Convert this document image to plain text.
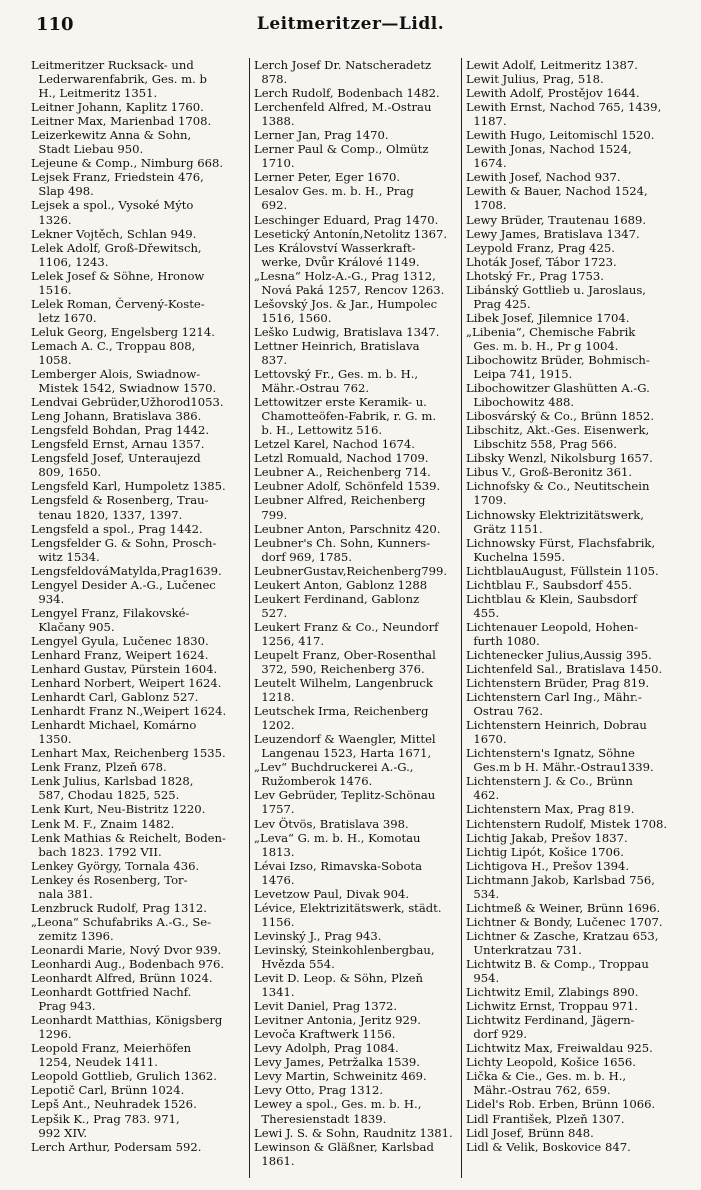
110	Leitmeritzer—Lidl.
Leitmeritzer Rucksack- und
Lederwarenfabrik, Ges. m. b
H., Leitmeritz 1351.
Leitner Johann, Kaplitz 1760.
Leitner Max, Marienbad 1708.
Leizerkewitz Anna & Sohn,
Stadt Liebau 950.
Lejeune & Comp., Nimburg 668.
Lejsek Franz, Friedstein 476,
Slap 498.
Lejsek a spol., Vysoké Mýto
1326.
Lekner Vojtěch, Schlan 949.
Lelek Adolf, Groß-Dřewitsch,
1106, 1243.
Lelek Josef & Söhne, Hronow
1516.
Lelek Roman, Červený-Koste-
letz 1670.
Leluk Georg, Engelsberg 1214.
Lemach A. C., Troppau 808,
1058.
Lemberger Alois, Swiadnow-
Mistek 1542, Swiadnow 1570.
Lendvai Gebrüder,Užhorod1053.
Leng Johann, Bratislava 386.
Lengsfeld Bohdan, Prag 1442.
Lengsfeld Ernst, Arnau 1357.
Lengsfeld Josef, Unteraujezd
809, 1650.
Lengsfeld Karl, Humpoletz 1385.
Lengsfeld & Rosenberg, Trau-
tenau 1820, 1337, 1397.
Lengsfeld a spol., Prag 1442.
Lengsfelder G. & Sohn, Prosch-
witz 1534.
LengsfeldováMatylda,Prag1639.
Lengyel Desider A.-G., Lučenec
934.
Lengyel Franz, Filakovské-
Klačany 905.
Lengyel Gyula, Lučenec 1830.
Lenhard Franz, Weipert 1624.
Lenhard Gustav, Pürstein 1604.
Lenhard Norbert, Weipert 1624.
Lenhardt Carl, Gablonz 527.
Lenhardt Franz N.,Weipert 1624.
Lenhardt Michael, Komárno
1350.
Lenhart Max, Reichenberg 1535.
Lenk Franz, Plzeň 678.
Lenk Julius, Karlsbad 1828,
587, Chodau 1825, 525.
Lenk Kurt, Neu-Bistritz 1220.
Lenk M. F., Znaim 1482.
Lenk Mathias & Reichelt, Boden-
bach 1823. 1792 VII.
Lenkey György, Tornala 436.
Lenkey és Rosenberg, Tor-
nala 381.
Lenzbruck Rudolf, Prag 1312.
„Leona“ Schufabriks A.-G., Se-
zemitz 1396.
Leonardi Marie, Nový Dvor 939.
Leonhardi Aug., Bodenbach 976.
Leonhardt Alfred, Brünn 1024.
Leonhardt Gottfried Nachf.
Prag 943.
Leonhardt Matthias, Königsberg
1296.
Leopold Franz, Meierhöfen
1254, Neudek 1411.
Leopold Gottlieb, Grulich 1362.
Lepotič Carl, Brünn 1024.
Lepš Ant., Neuhradek 1526.
Lepšik K., Prag 783. 971,
992 XIV.
Lerch Arthur, Podersam 592.
Lerch Josef Dr. Natscheradetz
878.
Lerch Rudolf, Bodenbach 1482.
Lerchenfeld Alfred, M.-Ostrau
1388.
Lerner Jan, Prag 1470.
Lerner Paul & Comp., Olmütz
1710.
Lerner Peter, Eger 1670.
Lesalov Ges. m. b. H., Prag
692.
Leschinger Eduard, Prag 1470.
Lesetický Antonín,Netolitz 1367.
Les Království Wasserkraft-
werke, Dvůr Králové 1149.
„Lesna“ Holz-A.-G., Prag 1312,
Nová Paká 1257, Rencov 1263.
Lešovský Jos. & Jar., Humpolec
1516, 1560.
Leško Ludwig, Bratislava 1347.
Lettner Heinrich, Bratislava
837.
Lettovský Fr., Ges. m. b. H.,
Mähr.-Ostrau 762.
Lettowitzer erste Keramik- u.
Chamotteöfen-Fabrik, r. G. m.
b. H., Lettowitz 516.
Letzel Karel, Nachod 1674.
Letzl Romuald, Nachod 1709.
Leubner A., Reichenberg 714.
Leubner Adolf, Schönfeld 1539.
Leubner Alfred, Reichenberg
799.
Leubner Anton, Parschnitz 420.
Leubner's Ch. Sohn, Kunners-
dorf 969, 1785.
LeubnerGustav,Reichenberg799.
Leukert Anton, Gablonz 1288
Leukert Ferdinand, Gablonz
527.
Leukert Franz & Co., Neundorf
1256, 417.
Leupelt Franz, Ober-Rosenthal
372, 590, Reichenberg 376.
Leutelt Wilhelm, Langenbruck
1218.
Leutschek Irma, Reichenberg
1202.
Leuzendorf & Waengler, Mittel
Langenau 1523, Harta 1671,
„Lev“ Buchdruckerei A.-G.,
Ružomberok 1476.
Lev Gebrüder, Teplitz-Schönau
1757.
Lev Ötvös, Bratislava 398.
„Leva“ G. m. b. H., Komotau
1813.
Lévai Izso, Rimavska-Sobota
1476.
Levetzow Paul, Divak 904.
Lévice, Elektrizitätswerk, städt.
1156.
Levinský J., Prag 943.
Levinský, Steinkohlenbergbau,
Hvězda 554.
Levit D. Leop. & Söhn, Plzeň
1341.
Levit Daniel, Prag 1372.
Levitner Antonia, Jeritz 929.
Levoča Kraftwerk 1156.
Levy Adolph, Prag 1084.
Levy James, Petržalka 1539.
Levy Martin, Schweinitz 469.
Levy Otto, Prag 1312.
Lewey a spol., Ges. m. b. H.,
Theresienstadt 1839.
Lewi J. S. & Sohn, Raudnitz 1381.
Lewinson & Gläßner, Karlsbad
1861.
Lewit Adolf, Leitmeritz 1387.
Lewit Julius, Prag, 518.
Lewith Adolf, Prostějov 1644.
Lewith Ernst, Nachod 765, 1439,
1187.
Lewith Hugo, Leitomischl 1520.
Lewith Jonas, Nachod 1524,
1674.
Lewith Josef, Nachod 937.
Lewith & Bauer, Nachod 1524,
1708.
Lewy Brüder, Trautenau 1689.
Lewy James, Bratislava 1347.
Leypold Franz, Prag 425.
Lhoták Josef, Tábor 1723.
Lhotský Fr., Prag 1753.
Libánský Gottlieb u. Jaroslaus,
Prag 425.
Libek Josef, Jilemnice 1704.
„Libenia“, Chemische Fabrik
Ges. m. b. H., Pr g 1004.
Libochowitz Brüder, Bohmisch-
Leipa 741, 1915.
Libochowitzer Glashütten A.-G.
Libochowitz 488.
Libosvárský & Co., Brünn 1852.
Libschitz, Akt.-Ges. Eisenwerk,
Libschitz 558, Prag 566.
Libsky Wenzl, Nikolsburg 1657.
Libus V., Groß-Beronitz 361.
Lichnofsky & Co., Neutitschein
1709.
Lichnowsky Elektrizitätswerk,
Grätz 1151.
Lichnowsky Fürst, Flachsfabrik,
Kuchelna 1595.
LichtblauAugust, Füllstein 1105.
Lichtblau F., Saubsdorf 455.
Lichtblau & Klein, Saubsdorf
455.
Lichtenauer Leopold, Hohen-
furth 1080.
Lichtenecker Julius,Aussig 395.
Lichtenfeld Sal., Bratislava 1450.
Lichtenstern Brüder, Prag 819.
Lichtenstern Carl Ing., Mähr.-
Ostrau 762.
Lichtenstern Heinrich, Dobrau
1670.
Lichtenstern's Ignatz, Söhne
Ges.m b H. Mähr.-Ostrau1339.
Lichtenstern J. & Co., Brünn
462.
Lichtenstern Max, Prag 819.
Lichtenstern Rudolf, Mistek 1708.
Lichtig Jakab, Prešov 1837.
Lichtig Lipót, Košice 1706.
Lichtigova H., Prešov 1394.
Lichtmann Jakob, Karlsbad 756,
534.
Lichtmeß & Weiner, Brünn 1696.
Lichtner & Bondy, Lučenec 1707.
Lichtner & Zasche, Kratzau 653,
Unterkratzau 731.
Lichtwitz B. & Comp., Troppau
954.
Lichtwitz Emil, Zlabings 890.
Lichwitz Ernst, Troppau 971.
Lichtwitz Ferdinand, Jägern-
dorf 929.
Lichtwitz Max, Freiwaldau 925.
Lichty Leopold, Košice 1656.
Lička & Cie., Ges. m. b. H.,
Mähr.-Ostrau 762, 659.
Lidel's Rob. Erben, Brünn 1066.
Lidl František, Plzeň 1307.
Lidl Josef, Brünn 848.
Lidl & Velik, Boskovice 847.
